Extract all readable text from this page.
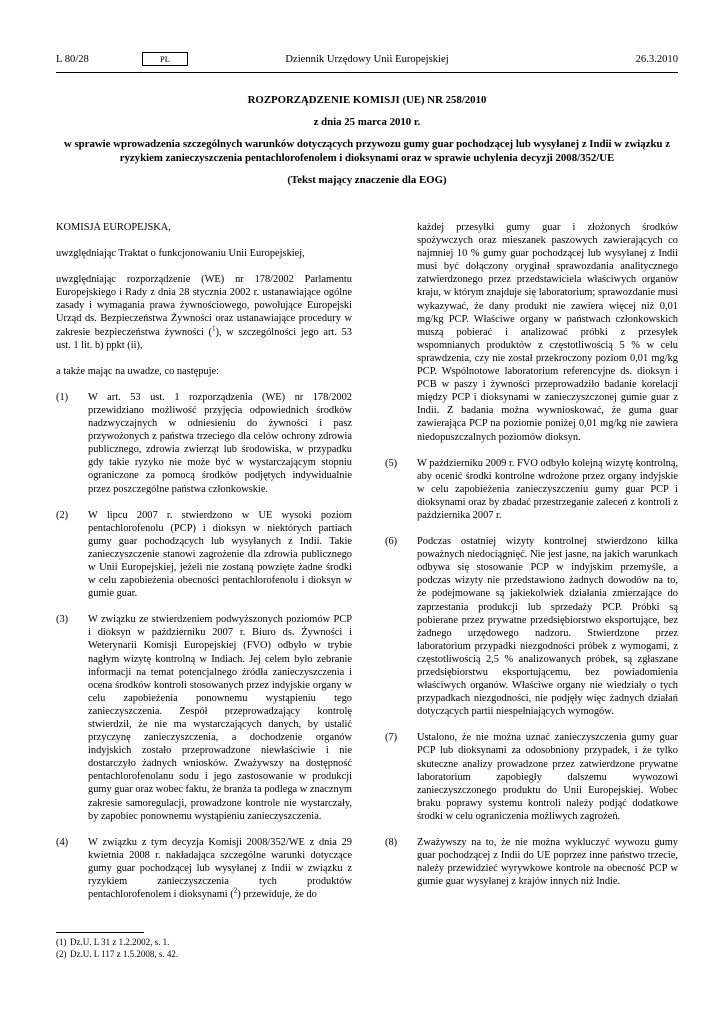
L 80/28	PL	Dziennik Urzędowy Unii Europejskiej	26.3.2010
ROZPORZĄDZENIE KOMISJI (UE) NR 258/2010
z dnia 25 marca 2010 r.
w sprawie wprowadzenia szczególnych warunków dotyczących przywozu gumy guar pochodzącej lub wysyłanej z Indii w związku z ryzykiem zanieczyszczenia pentachlorofenolem i dioksynami oraz w sprawie uchylenia decyzji 2008/352/UE
(Tekst mający znaczenie dla EOG)

KOMISJA EUROPEJSKA,

uwzględniając Traktat o funkcjonowaniu Unii Europejskiej,

uwzględniając rozporządzenie (WE) nr 178/2002 Parlamentu Europejskiego i Rady z dnia 28 stycznia 2002 r. ustanawiające ogólne zasady i wymagania prawa żywnościowego, powołujące Europejski Urząd ds. Bezpieczeństwa Żywności oraz ustanawiające procedury w zakresie bezpieczeństwa żywności ($^1$), w szczególności jego art. 53 ust. 1 lit. b) ppkt (ii),

a także mając na uwadze, co następuje:

(1)	W art. 53 ust. 1 rozporządzenia (WE) nr 178/2002 przewidziano możliwość przyjęcia odpowiednich środków nadzwyczajnych w odniesieniu do żywności i pasz przywożonych z państwa trzeciego dla celów ochrony zdrowia publicznego, zdrowia zwierząt lub środowiska, w przypadku gdy takie ryzyko nie może być w wystarczającym stopniu ograniczone za pomocą środków podjętych indywidualnie przez poszczególne państwa członkowskie.
(2)	W lipcu 2007 r. stwierdzono w UE wysoki poziom pentachlorofenolu (PCP) i dioksyn w niektórych partiach gumy guar pochodzących lub wysyłanych z Indii. Takie zanieczyszczenie stanowi zagrożenie dla zdrowia publicznego w Unii Europejskiej, jeżeli nie zostaną powzięte żadne środki w celu zapobieżenia obecności pentachlorofenolu i dioksyn w gumie guar.
(3)	W związku ze stwierdzeniem podwyższonych poziomów PCP i dioksyn w październiku 2007 r. Biuro ds. Żywności i Weterynarii Komisji Europejskiej (FVO) odbyło w trybie nagłym wizytę kontrolną w Indiach. Jej celem było zebranie informacji na temat potencjalnego źródła zanieczyszczenia i ocena środków kontroli stosowanych przez indyjskie organy w celu zapobieżenia ponownemu wystąpieniu tego zanieczyszczenia. Zespół przeprowadzający kontrolę stwierdził, że nie ma wystarczających danych, by ustalić przyczynę zanieczyszczenia, a dochodzenie organów indyjskich zostało przeprowadzone niewłaściwie i nie dostarczyło żadnych wniosków. Zważywszy na dostępność pentachlorofenolanu sodu i jego zastosowanie w produkcji gumy guar oraz wobec faktu, że branża ta podlega w znacznym zakresie samoregulacji, prowadzone kontrole nie wystarczały, by zapobiec ponownemu wystąpieniu zanieczyszczenia.
(4)	W związku z tym decyzja Komisji 2008/352/WE z dnia 29 kwietnia 2008 r. nakładająca szczególne warunki dotyczące gumy guar pochodzącej lub wysyłanej z Indii w związku z ryzykiem zanieczyszczenia tych produktów pentachlorofenolem i dioksynami ($^2$) przewiduje, że do
każdej przesyłki gumy guar i złożonych środków spożywczych oraz mieszanek paszowych zawierających co najmniej 10 % gumy guar pochodzącej lub wysyłanej z Indii musi być dołączony oryginał sprawozdania analitycznego zatwierdzonego przez przedstawiciela właściwych organów kraju, w którym znajduje się laboratorium; sprawozdanie musi wykazywać, że dany produkt nie zawiera więcej niż 0,01 mg/kg PCP. Właściwe organy w państwach członkowskich muszą pobierać i analizować próbki z przesyłek wspomnianych produktów z częstotliwością 5 % w celu sprawdzenia, czy nie został przekroczony poziom 0,01 mg/kg PCP. Wspólnotowe laboratorium referencyjne ds. dioksyn i PCB w paszy i żywności przeprowadziło badanie korelacji między PCP i dioksynami w zanieczyszczonej gumie guar z Indii. Z badania można wywnioskować, że guma guar zawierająca PCP na poziomie poniżej 0,01 mg/kg nie zawiera niedopuszczalnych poziomów dioksyn.
(5)	W październiku 2009 r. FVO odbyło kolejną wizytę kontrolną, aby ocenić środki kontrolne wdrożone przez organy indyjskie w celu zapobieżenia zanieczyszczeniu gumy guar PCP i dioksynami oraz by zbadać przestrzeganie zaleceń z kontroli z października 2007 r.
(6)	Podczas ostatniej wizyty kontrolnej stwierdzono kilka poważnych niedociągnięć. Nie jest jasne, na jakich warunkach odbywa się stosowanie PCP w indyjskim przemyśle, a podczas wizyty nie przedstawiono żadnych dowodów na to, że podejmowane są jakiekolwiek działania zmierzające do zaprzestania produkcji lub sprzedaży PCP. Próbki są pobierane przez prywatne przedsiębiorstwo eksportujące, bez żadnego urzędowego nadzoru. Stwierdzone przez laboratorium przypadki niezgodności próbek z wymogami, z częstotliwością 2,5 % analizowanych próbek, są zgłaszane przedsiębiorstwu eksportującemu, bez powiadomienia właściwych organów. Właściwe organy nie wiedziały o tych przypadkach niezgodności, nie podjęły więc żadnych działań dotyczących partii niespełniających wymogów.
(7)	Ustalono, że nie można uznać zanieczyszczenia gumy guar PCP lub dioksynami za odosobniony przypadek, i że tylko skuteczne analizy prowadzone przez zatwierdzone prywatne laboratorium zapobiegły dalszemu wywozowi zanieczyszczonego produktu do Unii Europejskiej. Wobec braku poprawy systemu kontroli należy podjąć dodatkowe środki w celu ograniczenia możliwych zagrożeń.
(8)	Zważywszy na to, że nie można wykluczyć wywozu gumy guar pochodzącej z Indii do UE poprzez inne państwo trzecie, należy przewidzieć wyrywkowe kontrole na obecność PCP w gumie guar wysyłanej z krajów innych niż Indie.
(1) Dz.U. L 31 z 1.2.2002, s. 1.
(2) Dz.U. L 117 z 1.5.2008, s. 42.
